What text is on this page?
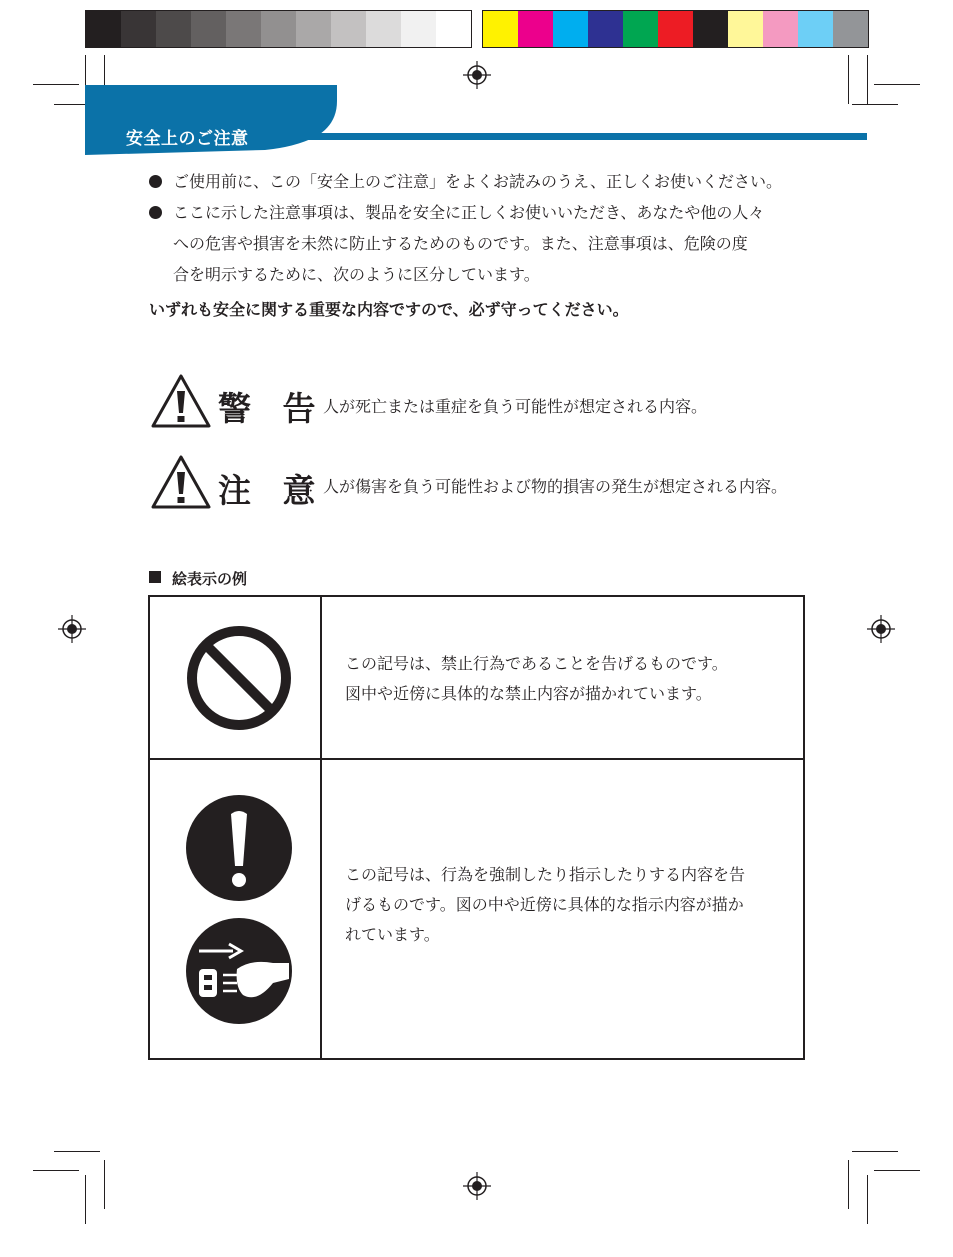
安全上のご注意
ご使用前に、この「安全上のご注意」をよくお読みのうえ、正しくお使いください。
ここに示した注意事項は、製品を安全に正しくお使いいただき、あなたや他の人々
への危害や損害を未然に防止するためのものです。また、注意事項は、危険の度
合を明示するために、次のように区分しています。
いずれも安全に関する重要な内容ですので、必ず守ってください。
警 告
：人が死亡または重症を負う可能性が想定される内容。
注 意
：人が傷害を負う可能性および物的損害の発生が想定される内容。
絵表示の例
この記号は、禁止行為であることを告げるものです。
図中や近傍に具体的な禁止内容が描かれています。
この記号は、行為を強制したり指示したりする内容を告
げるものです。図の中や近傍に具体的な指示内容が描か
れています。
